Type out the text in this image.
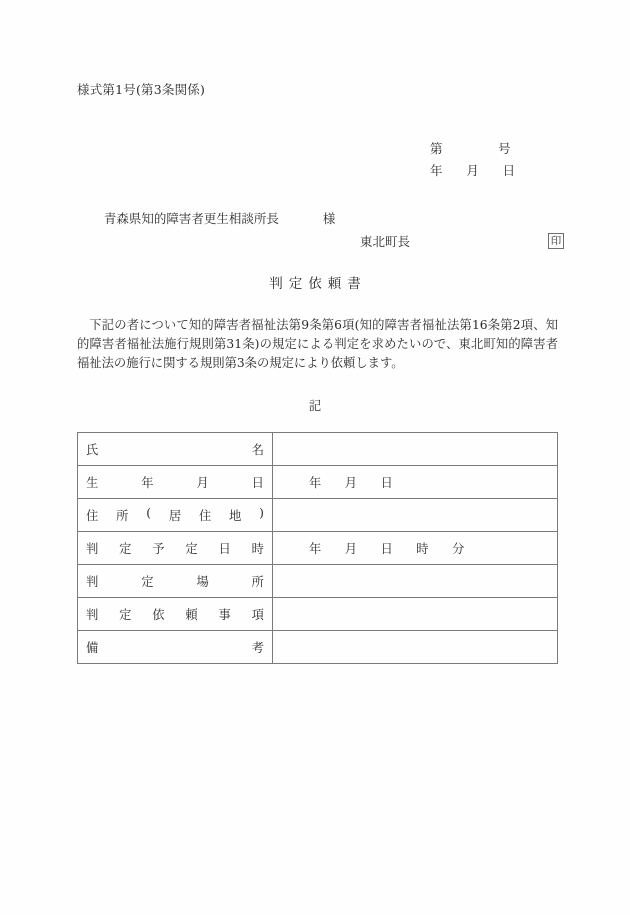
様式第1号(第3条関係)
第              号
年      月      日

青森県知的障害者更生相談所長	様

東北町長	印
判定依頼書
下記の者について知的障害者福祉法第9条第6項(知的障害者福祉法第16条第2項、知的障害者福祉法施行規則第31条)の規定による判定を求めたいので、東北町知的障害者福祉法の施行に関する規則第3条の規定により依頼します。
記
氏 名	

生 年 月 日	年      月      日

住 所 ( 居 住 地 )

判 定 予 定 日 時	年      月      日      時      分

判 定 場 所	

判 定 依 頼 事 項

備 考	
